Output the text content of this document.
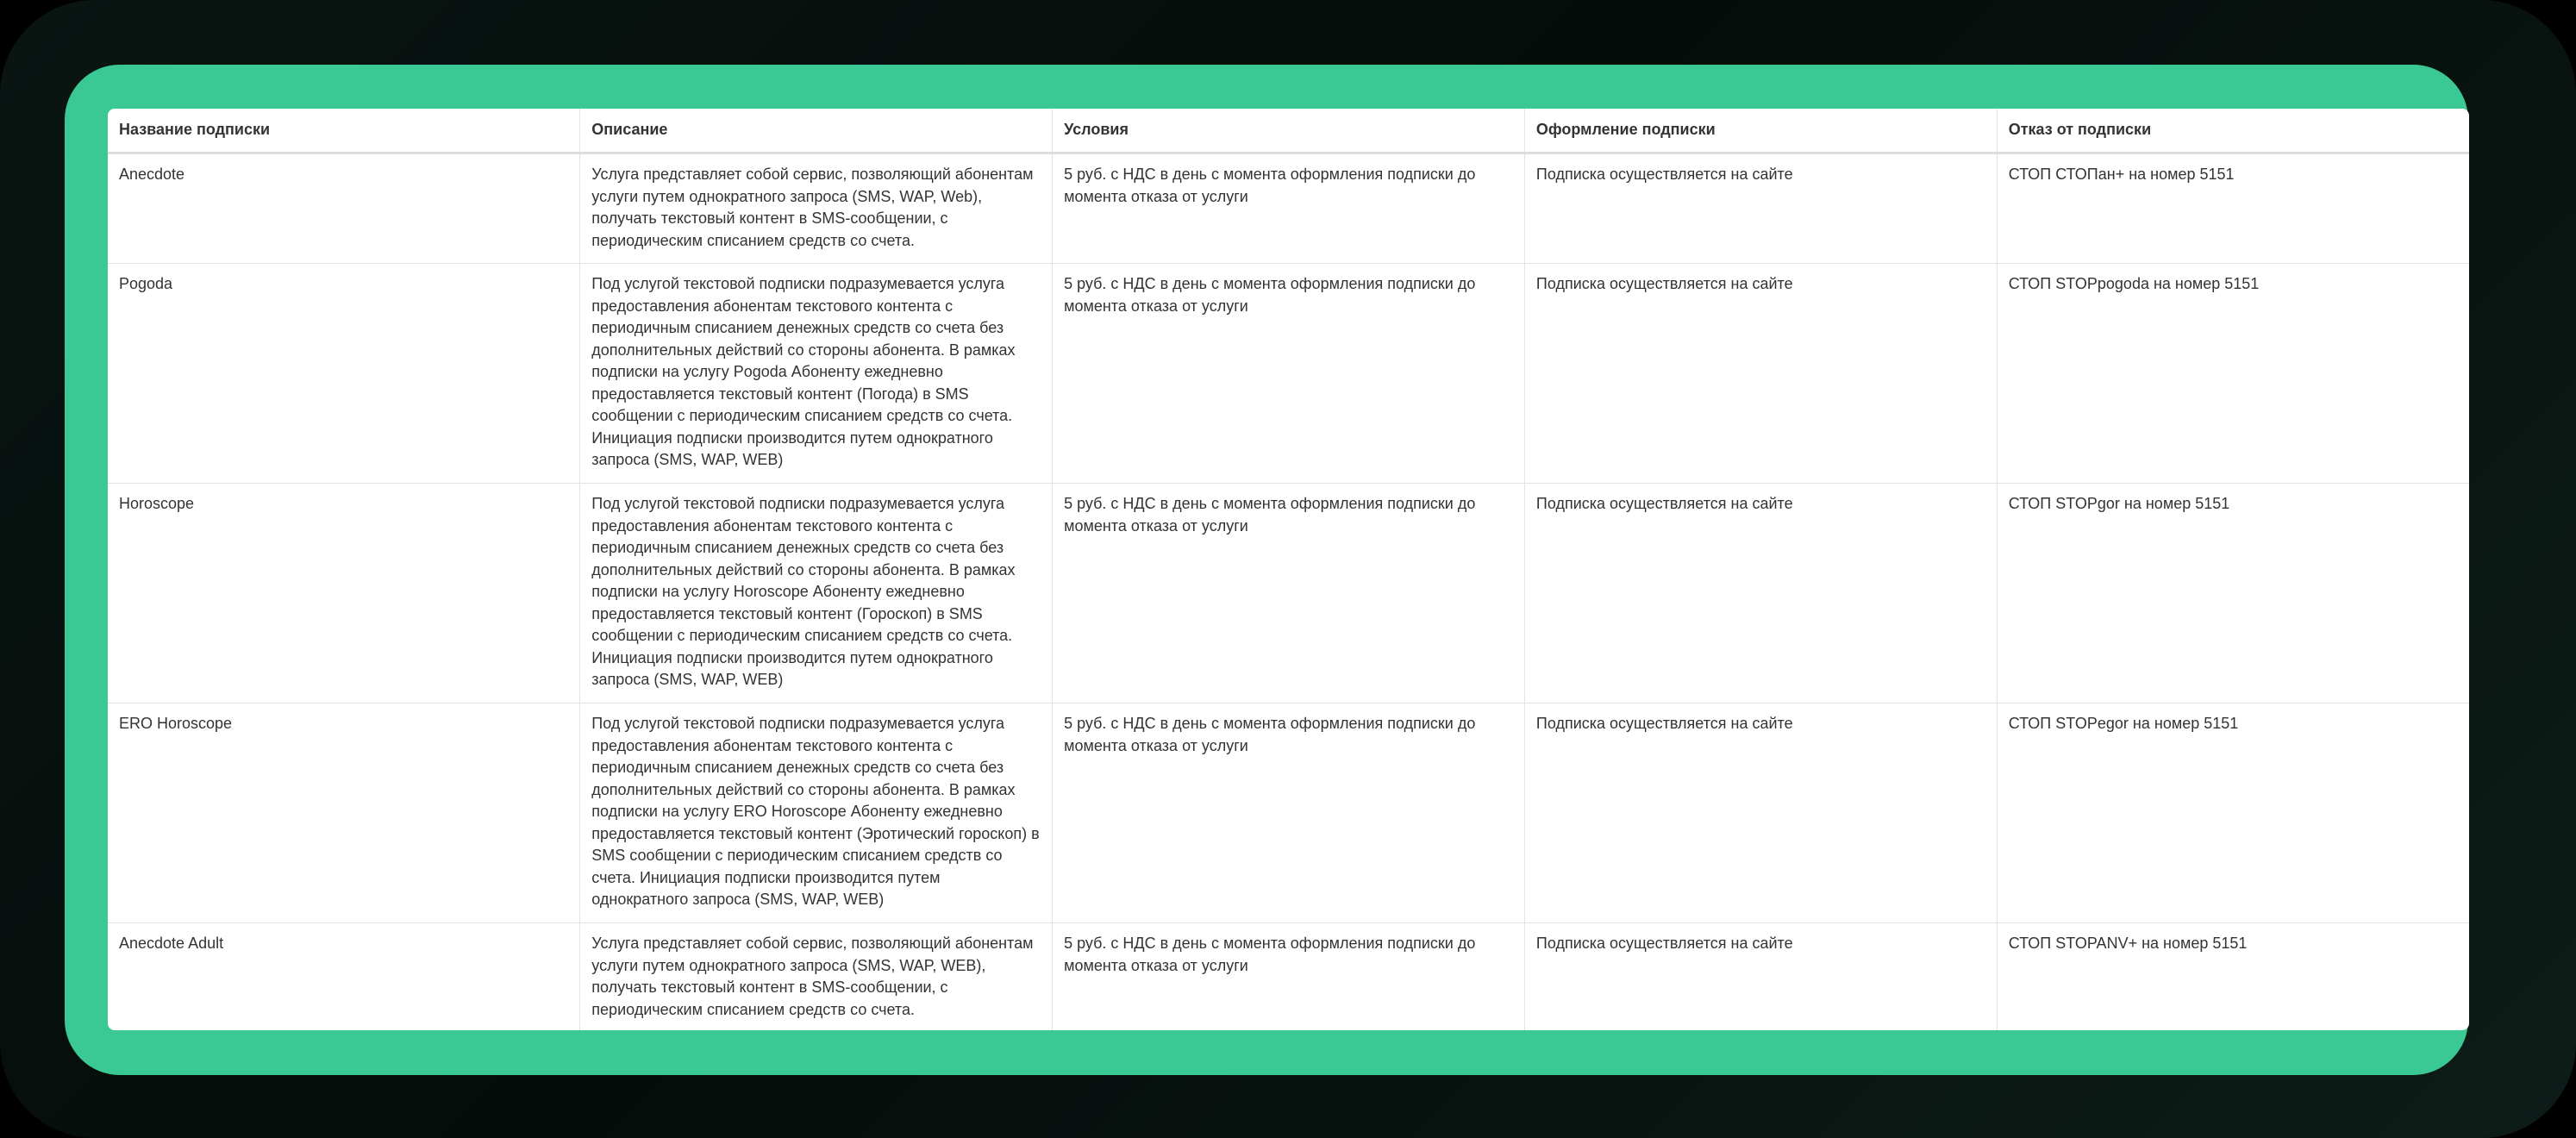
Название подписки	Описание	Условия	Оформление подписки	Отказ от подписки
Anecdote	Услуга представляет собой сервис, позволяющий абонентам услуги путем однократного запроса (SMS, WAP, Web), получать текстовый контент в SMS-сообщении, с периодическим списанием средств со счета.	5 руб. с НДС в день с момента оформления подписки до момента отказа от услуги	Подписка осуществляется на сайте	СТОП СТОПан+ на номер 5151
Pogoda	Под услугой текстовой подписки подразумевается услуга предоставления абонентам текстового контента с периодичным списанием денежных средств со счета без дополнительных действий со стороны абонента. В рамках подписки на услугу Pogoda Абоненту ежедневно предоставляется текстовый контент (Погода) в SMS сообщении с периодическим списанием средств со счета. Инициация подписки производится путем однократного запроса (SMS, WAP, WEB)	5 руб. с НДС в день с момента оформления подписки до момента отказа от услуги	Подписка осуществляется на сайте	СТОП STOPpogoda на номер 5151
Horoscope	Под услугой текстовой подписки подразумевается услуга предоставления абонентам текстового контента с периодичным списанием денежных средств со счета без дополнительных действий со стороны абонента. В рамках подписки на услугу Horoscope Абоненту ежедневно предоставляется текстовый контент (Гороскоп) в SMS сообщении с периодическим списанием средств со счета. Инициация подписки производится путем однократного запроса (SMS, WAP, WEB)	5 руб. с НДС в день с момента оформления подписки до момента отказа от услуги	Подписка осуществляется на сайте	СТОП STOPgor на номер 5151
ERO Horoscope	Под услугой текстовой подписки подразумевается услуга предоставления абонентам текстового контента с периодичным списанием денежных средств со счета без дополнительных действий со стороны абонента. В рамках подписки на услугу ERO Horoscope Абоненту ежедневно предоставляется текстовый контент (Эротический гороскоп) в SMS сообщении с периодическим списанием средств со счета. Инициация подписки производится путем однократного запроса (SMS, WAP, WEB)	5 руб. с НДС в день с момента оформления подписки до момента отказа от услуги	Подписка осуществляется на сайте	СТОП STOPegor на номер 5151
Anecdote Adult	Услуга представляет собой сервис, позволяющий абонентам услуги путем однократного запроса (SMS, WAP, WEB), получать текстовый контент в SMS-сообщении, с периодическим списанием средств со счета.	5 руб. с НДС в день с момента оформления подписки до момента отказа от услуги	Подписка осуществляется на сайте	СТОП STOPANV+ на номер 5151
